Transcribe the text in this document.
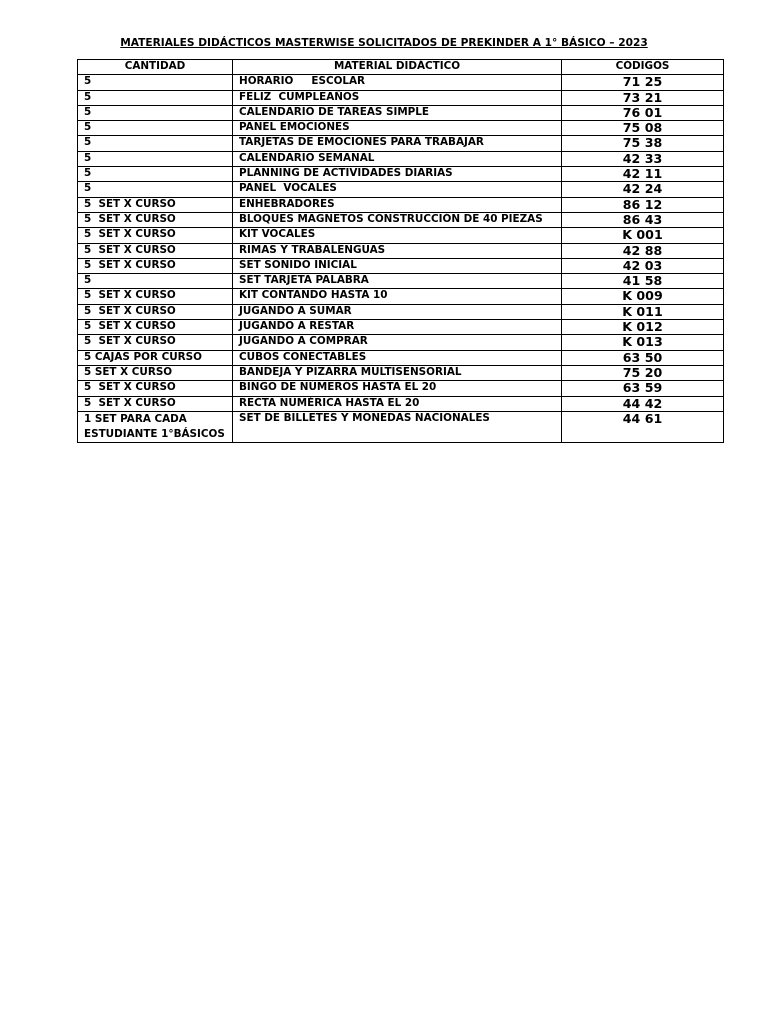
MATERIALES DIDÁCTICOS MASTERWISE SOLICITADOS DE PREKINDER A 1° BÁSICO – 2023
CANTIDAD	MATERIAL DIDÁCTICO	CÓDIGOS
5	HORARIO     ESCOLAR	71 25
5	FELIZ  CUMPLEAÑOS	73 21
5	CALENDARIO DE TAREAS SIMPLE	76 01
5	PANEL EMOCIONES	75 08
5	TARJETAS DE EMOCIONES PARA TRABAJAR	75 38
5	CALENDARIO SEMANAL	42 33
5	PLANNING DE ACTIVIDADES DIARIAS	42 11
5	PANEL  VOCALES	42 24
5  SET X CURSO	ENHEBRADORES	86 12
5  SET X CURSO	BLOQUES MAGNETOS CONSTRUCCIÓN DE 40 PIEZAS	86 43
5  SET X CURSO	KIT VOCALES	K 001
5  SET X CURSO	RIMAS Y TRABALENGUAS	42 88
5  SET X CURSO	SET SONIDO INICIAL	42 03
5	SET TARJETA PALABRA	41 58
5  SET X CURSO	KIT CONTANDO HASTA 10	K 009
5  SET X CURSO	JUGANDO A SUMAR	K 011
5  SET X CURSO	JUGANDO A RESTAR	K 012
5  SET X CURSO	JUGANDO A COMPRAR	K 013
5 CAJAS POR CURSO	CUBOS CONECTABLES	63 50
5 SET X CURSO	BANDEJA Y PIZARRA MULTISENSORIAL	75 20
5  SET X CURSO	BINGO DE NÚMEROS HASTA EL 20	63 59
5  SET X CURSO	RECTA NUMÉRICA HASTA EL 20	44 42
1 SET PARA CADA ESTUDIANTE 1°BÁSICOS	SET DE BILLETES Y MONEDAS NACIONALES	44 61
